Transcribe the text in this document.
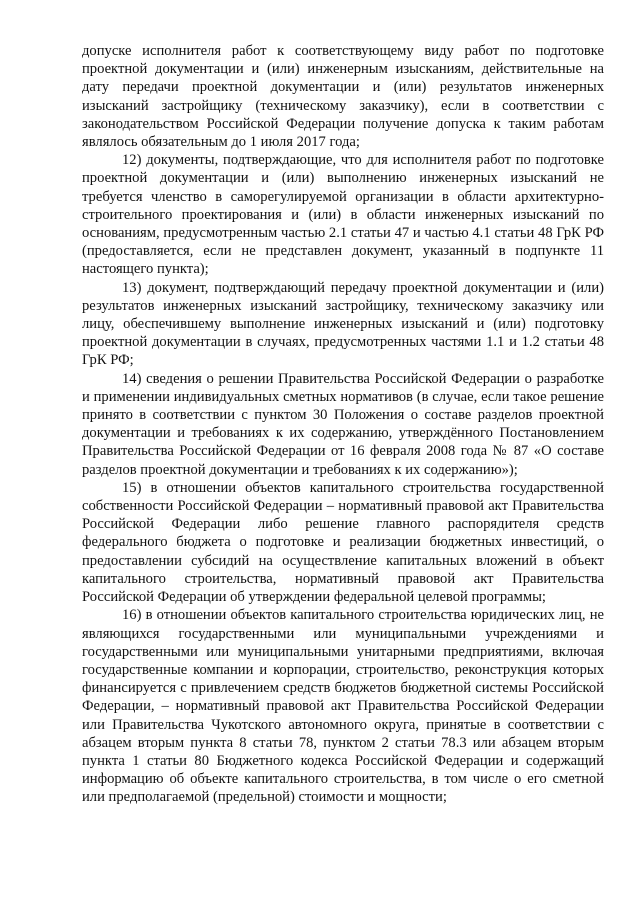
допуске исполнителя работ к соответствующему виду работ по подготовке проектной документации и (или) инженерным изысканиям, действительные на дату передачи проектной документации и (или) результатов инженерных изысканий застройщику (техническому заказчику), если в соответствии с законодательством Российской Федерации получение допуска к таким работам являлось обязательным до 1 июля 2017 года;

12) документы, подтверждающие, что для исполнителя работ по подготовке проектной документации и (или) выполнению инженерных изысканий не требуется членство в саморегулируемой организации в области архитектурно-строительного проектирования и (или) в области инженерных изысканий по основаниям, предусмотренным частью 2.1 статьи 47 и частью 4.1 статьи 48 ГрК РФ (предоставляется, если не представлен документ, указанный в подпункте 11 настоящего пункта);

13) документ, подтверждающий передачу проектной документации и (или) результатов инженерных изысканий застройщику, техническому заказчику или лицу, обеспечившему выполнение инженерных изысканий и (или) подготовку проектной документации в случаях, предусмотренных частями 1.1 и 1.2 статьи 48 ГрК РФ;

14) сведения о решении Правительства Российской Федерации о разработке и применении индивидуальных сметных нормативов (в случае, если такое решение принято в соответствии с пунктом 30 Положения о составе разделов проектной документации и требованиях к их содержанию, утверждённого Постановлением Правительства Российской Федерации от 16 февраля 2008 года № 87 «О составе разделов проектной документации и требованиях к их содержанию»);

15) в отношении объектов капитального строительства государственной собственности Российской Федерации – нормативный правовой акт Правительства Российской Федерации либо решение главного распорядителя средств федерального бюджета о подготовке и реализации бюджетных инвестиций, о предоставлении субсидий на осуществление капитальных вложений в объект капитального строительства, нормативный правовой акт Правительства Российской Федерации об утверждении федеральной целевой программы;

16) в отношении объектов капитального строительства юридических лиц, не являющихся государственными или муниципальными учреждениями и государственными или муниципальными унитарными предприятиями, включая государственные компании и корпорации, строительство, реконструкция которых финансируется с привлечением средств бюджетов бюджетной системы Российской Федерации, – нормативный правовой акт Правительства Российской Федерации или Правительства Чукотского автономного округа, принятые в соответствии с абзацем вторым пункта 8 статьи 78, пунктом 2 статьи 78.3 или абзацем вторым пункта 1 статьи 80 Бюджетного кодекса Российской Федерации и содержащий информацию об объекте капитального строительства, в том числе о его сметной или предполагаемой (предельной) стоимости и мощности;
